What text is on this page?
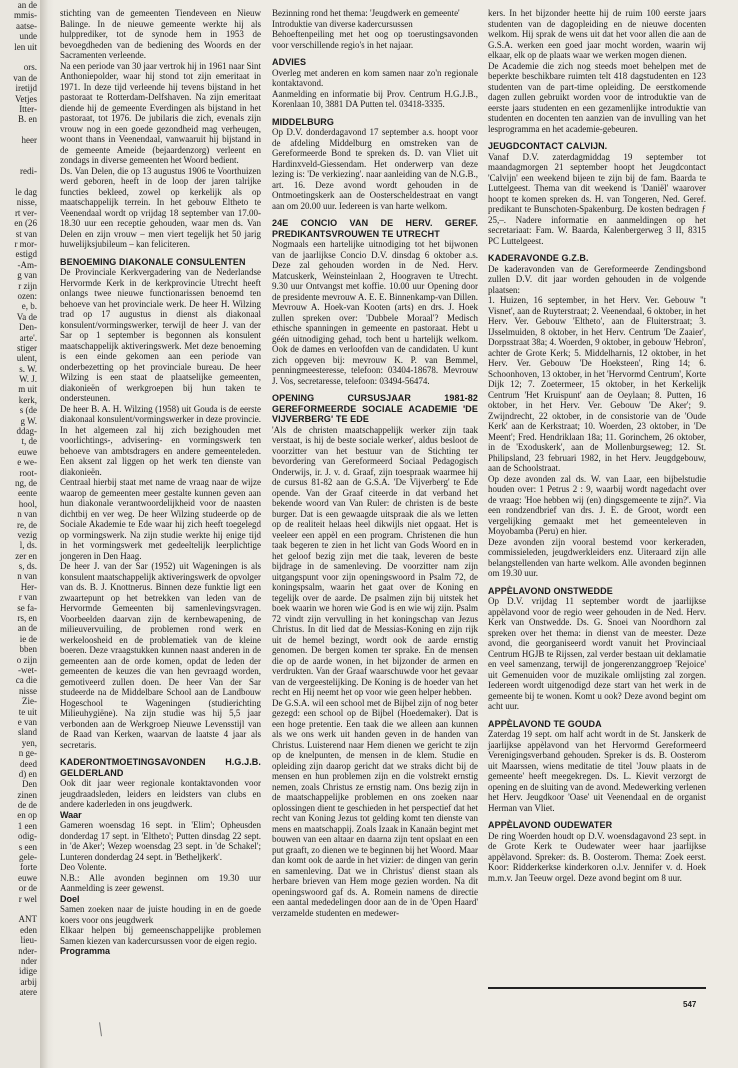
an de
mmis-
aatse-
unde
len uit
ors.
van de
iretijd
Vetjes
Itter-
B. en
heer
redi-
le dag
nisse,
rt ver-
en (26
st van
r mor-
estigd
-Am-
g van
r zijn
ozen:
e, b.
Va de
Den-
arte'.
stiger
ulent,
s. W.
W. J.
m uit
kerk,
s (de
g W.
ddag-
t, de
euwe
e we-
root-
ng, de
eente
hool,
n van
re, de
vezig
l, ds.
zer en
s, ds.
n van
Her-
r van
se fa-
rs, en
an de
ie de
bben
o zijn
-wet-
ca die
nisse
Zie-
te uit
e van
sland
yen,
n ge-
deed
d) en
Den
zinen
de de
en op
1 een
odig-
s een
gele-
forte
euwe
or de
r wel
ANT
eden
lieu-
nder-
nder
idige
arbij
atere

stichting van de gemeenten Tiendeveen en Nieuw Balinge. In de nieuwe gemeente werkte hij als hulpprediker, tot de synode hem in 1953 de bevoegdheden van de bediening des Woords en der Sacramenten verleende.

Na een periode van 30 jaar vertrok hij in 1961 naar Sint Anthoniepolder, waar hij stond tot zijn emeritaat in 1971. In deze tijd verleende hij tevens bijstand in het pastoraat te Rotterdam-Delfshaven. Na zijn emeritaat diende hij de gemeente Everdingen als bijstand in het pastoraat, tot 1976. De jubilaris die zich, evenals zijn vrouw nog in een goede gezondheid mag verheugen, woont thans in Veenendaal, vanwaaruit hij bijstand in de gemeente Ameide (bejaardenzorg) verleent en zondags in diverse gemeenten het Woord bedient.

Ds. Van Delen, die op 13 augustus 1906 te Voorthuizen werd geboren, heeft in de loop der jaren talrijke functies bekleed, zowel op kerkelijk als op maatschappelijk terrein. In het gebouw Eltheto te Veenendaal wordt op vrijdag 18 september van 17.00-18.30 uur een receptie gehouden, waar men ds. Van Delen en zijn vrouw – men viert tegelijk het 50 jarig huwelijksjubileum – kan feliciteren.

BENOEMING DIAKONALE CONSULENTEN

De Provinciale Kerkvergadering van de Nederlandse Hervormde Kerk in de kerkprovincie Utrecht heeft onlangs twee nieuwe functionarissen benoemd ten behoeve van het provinciale werk. De heer H. Wilzing trad op 17 augustus in dienst als diakonaal konsulent/vormingswerker, terwijl de heer J. van der Sar op 1 september is begonnen als konsulent maatschappelijk aktiveringswerk. Met deze benoeming is een einde gekomen aan een periode van onderbezetting op het provinciale bureau. De heer Wilzing is een staat de plaatselijke gemeenten, diakonieën of werkgroepen bij hun taken te ondersteunen.

De heer B. A. H. Wilzing (1958) uit Gouda is de eerste diakonaal konsulent/vormingswerker in deze provincie. In het algemeen zal hij zich bezighouden met voorlichtings-, advisering- en vormingswerk ten behoeve van ambtsdragers en andere gemeenteleden. Een aksent zal liggen op het werk ten dienste van diakonieën.

Centraal hierbij staat met name de vraag naar de wijze waarop de gemeenten meer gestalte kunnen geven aan hun diakonale verantwoordelijkheid voor de naasten dichtbij en ver weg. De heer Wilzing studeerde op de Sociale Akademie te Ede waar hij zich heeft toegelegd op vormingswerk. Na zijn studie werkte hij enige tijd in het vormingswerk met gedeeltelijk leerplichtige jongeren in Den Haag.

De heer J. van der Sar (1952) uit Wageningen is als konsulent maatschappelijk aktiveringswerk de opvolger van ds. B. J. Knottnerus. Binnen deze funktie ligt een zwaartepunt op het betrekken van leden van de Hervormde Gemeenten bij samenlevingsvragen. Voorbeelden daarvan zijn de kernbewapening, de milieuvervuiling, de problemen rond werk en werkeloosheid en de problematiek van de kleine boeren. Deze vraagstukken kunnen naast anderen in de gemeenten aan de orde komen, opdat de leden der gemeenten de keuzes die van hen gevraagd worden, gemotiveerd zullen doen. De heer Van der Sar studeerde na de Middelbare School aan de Landbouw Hogeschool te Wageningen (studierichting Milieuhygiëne). Na zijn studie was hij 5,5 jaar verbonden aan de Werkgroep Nieuwe Levensstijl van de Raad van Kerken, waarvan de laatste 4 jaar als secretaris.

KADERONTMOETINGSAVONDEN H.G.J.B. GELDERLAND

Ook dit jaar weer regionale kontaktavonden voor jeugdraadsleden, leiders en leidsters van clubs en andere kaderleden in ons jeugdwerk.

Waar

Gameren woensdag 16 sept. in 'Elim'; Opheusden donderdag 17 sept. in 'Eltheto'; Putten dinsdag 22 sept. in 'de Aker'; Wezep woensdag 23 sept. in 'de Schakel'; Lunteren donderdag 24 sept. in 'Betheljkerk'.

Deo Volente.

N.B.: Alle avonden beginnen om 19.30 uur Aanmelding is zeer gewenst.

Doel

Samen zoeken naar de juiste houding in en de goede koers voor ons jeugdwerk

Elkaar helpen bij gemeenschappelijke problemen Samen kiezen van kadercursussen voor de eigen regio.

Programma

Bezinning rond het thema: 'Jeugdwerk en gemeente'

Introduktie van diverse kadercursussen

Behoeftenpeiling met het oog op toerustingsavonden voor verschillende regio's in het najaar.

ADVIES

Overleg met anderen en kom samen naar zo'n regionale kontaktavond.

Aanmelding en informatie bij Prov. Centrum H.G.J.B., Korenlaan 10, 3881 DA Putten tel. 03418-3335.

MIDDELBURG

Op D.V. donderdagavond 17 september a.s. hoopt voor de afdeling Middelburg en omstreken van de Gereformeerde Bond te spreken ds. D. van Vliet uit Hardinxveld-Giessendam. Het onderwerp van deze lezing is: 'De verkiezing'. naar aanleiding van de N.G.B., art. 16. Deze avond wordt gehouden in de Ontmoetingskerk aan de Oosterscheldestraat en vangt aan om 20.00 uur. Iedereen is van harte welkom.

24E CONCIO VAN DE HERV. GEREF. PREDIKANTSVROUWEN TE UTRECHT

Nogmaals een hartelijke uitnodiging tot het bijwonen van de jaarlijkse Concio D.V. dinsdag 6 oktober a.s. Deze zal gehouden worden in de Ned. Herv. Matcuskerk, Weinsteinlaan 2, Hoograven te Utrecht. 9.30 uur Ontvangst met koffie. 10.00 uur Opening door de presidente mevrouw A. E. E. Binnenkamp-van Dillen. Mevrouw A. Hoek-van Kooten (arts) en drs. J. Hoek zullen spreken over: 'Dubbele Moraal'? Medisch ethische spanningen in gemeente en pastoraat. Hebt u géén uitnodiging gehad, toch bent u hartelijk welkom. Ook de dames en verloofden van de candidaten. U kunt zich opgeven bij: mevrouw K. P. van Bemmel, penningmeesteresse, telefoon: 03404-18678. Mevrouw J. Vos, secretaresse, telefoon: 03494-56474.

OPENING CURSUSJAAR 1981-82 GEREFORMEERDE SOCIALE ACADEMIE 'DE VIJVERBERG' TE EDE

'Als de christen maatschappelijk werker zijn taak verstaat, is hij de beste sociale werker', aldus besloot de voorzitter van het bestuur van de Stichting ter bevordering van Gereformeerd Sociaal Pedagogisch Onderwijs, ir. J. v. d. Graaf, zijn toespraak waarmee hij de cursus 81-82 aan de G.S.A. 'De Vijverberg' te Ede opende. Van der Graaf citeerde in dat verband het bekende woord van Van Ruler: de christen is de beste burger. Dat is een gewaagde uitspraak die als we letten op de realiteit helaas heel dikwijls niet opgaat. Het is veeleer een appèl en een program. Christenen die hun taak begeren te zien in het licht van Gods Woord en in het geloof bezig zijn met die taak, leveren de beste bijdrage in de samenleving. De voorzitter nam zijn uitgangspunt voor zijn openingswoord in Psalm 72, de koningspsalm, waarin het gaat over de Koning en tegelijk over de aarde. De psalmen zijn bij uitstek het boek waarin we horen wie God is en wie wij zijn. Psalm 72 vindt zijn vervulling in het koningschap van Jezus Christus. In dit lied dat de Messias-Koning en zijn rijk uit de hemel bezingt, wordt ook de aarde ernstig genomen. De bergen komen ter sprake. En de mensen die op de aarde wonen, in het bijzonder de armen en verdrukten. Van der Graaf waarschuwde voor het gevaar van de vergeestelijking. De Koning is de hoeder van het recht en Hij neemt het op voor wie geen helper hebben.

De G.S.A. wil een school met de Bijbel zijn of nog beter gezegd: een school op de Bijbel (Hoedemaker). Dat is een hoge pretentie. Een taak die we alleen aan kunnen als we ons werk uit handen geven in de handen van Christus. Luisterend naar Hem dienen we gericht te zijn op de knelpunten, de mensen in de klem. Studie en opleiding zijn daarop gericht dat we straks dicht bij de mensen en hun problemen zijn en die volstrekt ernstig nemen, zoals Christus ze ernstig nam. Ons bezig zijn in de maatschappelijke problemen en ons zoeken naar oplossingen dient te geschieden in het perspectief dat het recht van Koning Jezus tot gelding komt ten dienste van mens en maatschappij. Zoals Izaak in Kanaän begint met bouwen van een altaar en daarna zijn tent opslaat en een put graaft, zo dienen we te beginnen bij het Woord. Maar dan komt ook de aarde in het vizier: de dingen van gerin en samenleving. Dat we in Christus' dienst staan als herbare brieven van Hem moge gezien worden. Na dit openingswoord gaf ds. A. Romein namens de directie een aantal mededelingen door aan de in de 'Open Haard' verzamelde studenten en medewer-

kers. In het bijzonder heette hij de ruim 100 eerste jaars studenten van de dagopleiding en de nieuwe docenten welkom. Hij sprak de wens uit dat het voor allen die aan de G.S.A. werken een goed jaar mocht worden, waarin wij elkaar, elk op de plaats waar we werken mogen dienen.

De Academie die zich nog steeds moet behelpen met de beperkte beschikbare ruimten telt 418 dagstudenten en 123 studenten van de part-time opleiding. De eerstkomende dagen zullen gebruikt worden voor de introduktie van de eerste jaars studenten en een gezamenlijke introduktie van studenten en docenten ten aanzien van de invulling van het lesprogramma en het academie-gebeuren.

JEUGDCONTACT CALVIJN.

Vanaf D.V. zaterdagmiddag 19 september tot maandagmorgen 21 september hoopt het Jeugdcontact 'Calvijn' een weekend bijeen te zijn bij de fam. Baarda te Luttelgeest. Thema van dit weekend is 'Daniël' waarover hoopt te komen spreken ds. H. van Tongeren, Ned. Geref. predikant te Bunschoten-Spakenburg. De kosten bedragen ƒ 25,–. Nadere informatie en aanmeldingen op het secretariaat: Fam. W. Baarda, Kalenbergerweg 3 II, 8315 PC Luttelgeest.

KADERAVONDE G.Z.B.

De kaderavonden van de Gereformeerde Zendingsbond zullen D.V. dit jaar worden gehouden in de volgende plaatsen:

1. Huizen, 16 september, in het Herv. Ver. Gebouw ''t Visnet', aan de Ruyterstraat; 2. Veenendaal, 6 oktober, in het Herv. Ver. Gebouw 'Eltheto', aan de Fluiterstraat; 3. IJsselmuiden, 8 oktober, in het Herv. Centrum 'De Zaaier', Dorpsstraat 38a; 4. Woerden, 9 oktober, in gebouw 'Hebron', achter de Grote Kerk; 5. Middelharnis, 12 oktober, in het Herv. Ver. Gebouw 'De Hoeksteen', Ring 14; 6. Schoonhoven, 13 oktober, in het 'Hervormd Centrum', Korte Dijk 12; 7. Zoetermeer, 15 oktober, in het Kerkelijk Centrum 'Het Kruispunt' aan de Oeylaan; 8. Putten, 16 oktober, in het Herv. Ver. Gebouw 'De Aker'; 9. Zwijndrecht, 22 oktober, in de consistorie van de 'Oude Kerk' aan de Kerkstraat; 10. Woerden, 23 oktober, in 'De Meent'; Fred. Hendriklaan 18a; 11. Gorinchem, 26 oktober, in de 'Exoduskerk', aan de Mollenburgseweg; 12. St. Philipsland, 23 februari 1982, in het Herv. Jeugdgebouw, aan de Schoolstraat.

Op deze avonden zal ds. W. van Laar, een bijbelstudie houden over: 1 Petrus 2 : 9, waarbij wordt nagedacht over de vraag: 'Hoe hebben wij (en) dingsgemeente te zijn?'. Via een rondzendbrief van drs. J. E. de Groot, wordt een vergelijking gemaakt met het gemeenteleven in Moyobamba (Peru) en hier.

Deze avonden zijn vooral bestemd voor kerkeraden, commissieleden, jeugdwerkleiders enz. Uiteraard zijn alle belangstellenden van harte welkom. Alle avonden beginnen om 19.30 uur.

APPÈLAVOND ONSTWEDDE

Op D.V. vrijdag 11 september wordt de jaarlijkse appèlavond voor de regio weer gehouden in de Ned. Herv. Kerk van Onstwedde. Ds. G. Snoei van Noordhorn zal spreken over het thema: in dienst van de meester. Deze avond, die georganiseerd wordt vanuit het Provinciaal Centrum HGJB te Rijssen, zal verder bestaan uit deklamatie en veel samenzang, terwijl de jongerenzanggroep 'Rejoice' uit Gemenuiden voor de muzikale omlijsting zal zorgen. Iedereen wordt uitgenodigd deze start van het werk in de gemeente bij te wonen. Komt u ook? Deze avond begint om acht uur.

APPÈLAVOND TE GOUDA

Zaterdag 19 sept. om half acht wordt in de St. Janskerk de jaarlijkse appèlavond van het Hervormd Gereformeerd Verenigingsverband gehouden. Spreker is ds. B. Oosterom uit Maarssen, wiens meditatie de titel 'Jouw plaats in de gemeente' heeft meegekregen. Ds. L. Kievit verzorgt de opening en de sluiting van de avond. Medewerking verlenen het Herv. Jeugdkoor 'Oase' uit Veenendaal en de organist Herman van Vliet.

APPÈLAVOND OUDEWATER

De ring Woerden houdt op D.V. woensdagavond 23 sept. in de Grote Kerk te Oudewater weer haar jaarlijkse appèlavond. Spreker: ds. B. Oosterom. Thema: Zoek eerst. Koor: Ridderkerkse kinderkoren o.l.v. Jennifer v. d. Hoek m.m.v. Jan Teeuw orgel. Deze avond begint om 8 uur.

547
